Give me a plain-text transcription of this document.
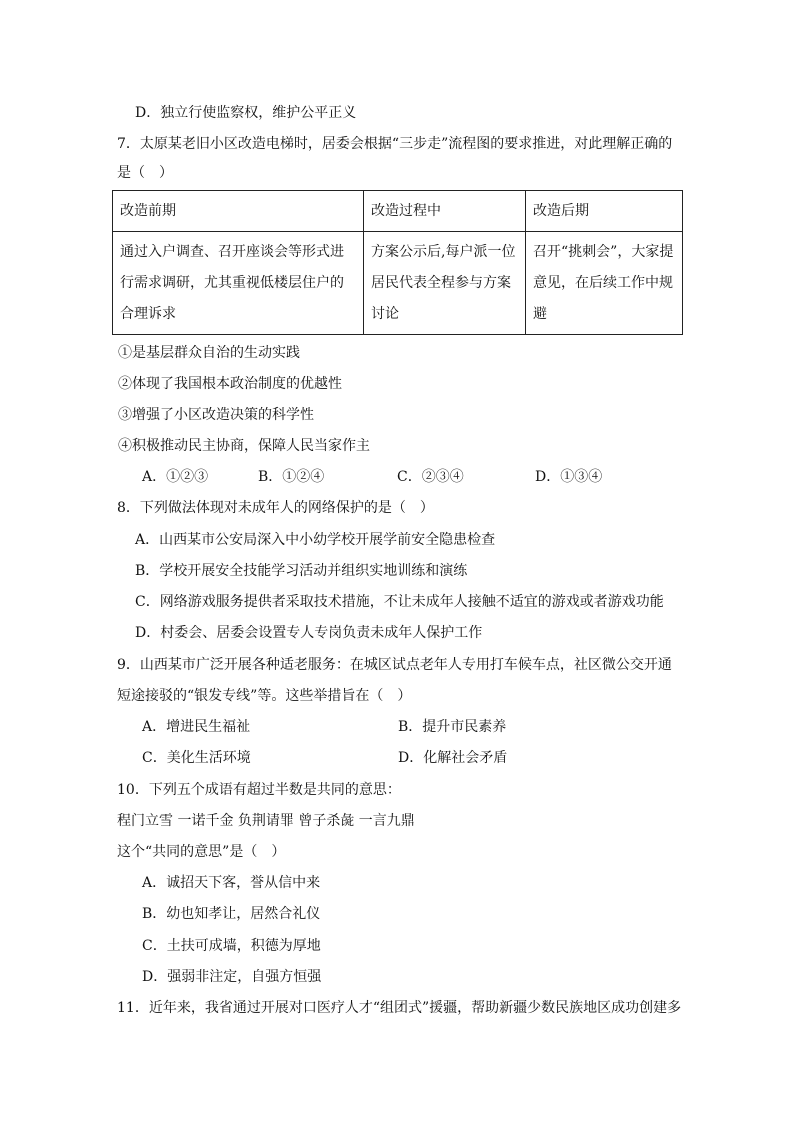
D．独立行使监察权，维护公平正义
7．太原某老旧小区改造电梯时，居委会根据“三步走”流程图的要求推进，对此理解正确的
是（　）
改造前期	改造过程中	改造后期
通过入户调查、召开座谈会等形式进行需求调研，尤其重视低楼层住户的合理诉求	方案公示后,每户派一位居民代表全程参与方案讨论	召开“挑刺会”，大家提意见，在后续工作中规避
①是基层群众自治的生动实践
②体现了我国根本政治制度的优越性
③增强了小区改造决策的科学性
④积极推动民主协商，保障人民当家作主
A．①②③	B．①②④	C．②③④	D．①③④
8．下列做法体现对未成年人的网络保护的是（　）
A．山西某市公安局深入中小幼学校开展学前安全隐患检查
B．学校开展安全技能学习活动并组织实地训练和演练
C．网络游戏服务提供者采取技术措施，不让未成年人接触不适宜的游戏或者游戏功能
D．村委会、居委会设置专人专岗负责未成年人保护工作
9．山西某市广泛开展各种适老服务：在城区试点老年人专用打车候车点，社区微公交开通
短途接驳的“银发专线”等。这些举措旨在（　）
A．增进民生福祉	B．提升市民素养
C．美化生活环境	D．化解社会矛盾
10．下列五个成语有超过半数是共同的意思：
程门立雪 一诺千金 负荆请罪 曾子杀彘 一言九鼎
这个“共同的意思”是（　）
A．诚招天下客，誉从信中来
B．幼也知孝让，居然合礼仪
C．土扶可成墙，积德为厚地
D．强弱非注定，自强方恒强
11．近年来，我省通过开展对口医疗人才“组团式”援疆，帮助新疆少数民族地区成功创建多
